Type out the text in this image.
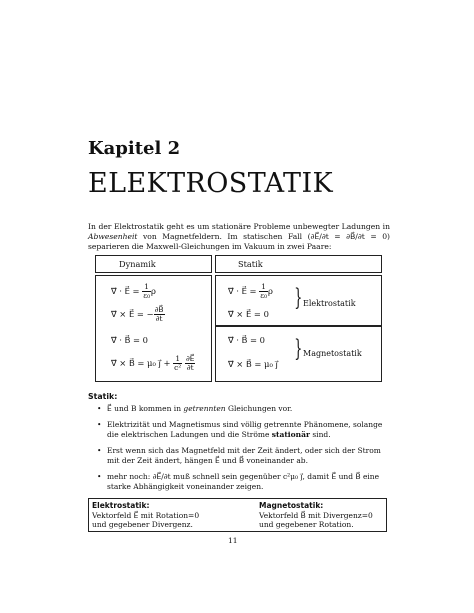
Kapitel 2
ELEKTROSTATIK
In der Elektrostatik geht es um stationäre Probleme unbewegter Ladungen in Abwesenheit von Magnetfeldern. Im statischen Fall (∂E⃗/∂t = ∂B⃗/∂t = 0) separieren die Maxwell-Gleichungen im Vakuum in zwei Paare:
Dynamik	Statik
∇⃗ · E⃗ = $\frac{1}{\text{ε₀}}$ ρ
∇⃗ × E⃗ = − $\frac{\partial B⃗}{\partial t}$
∇⃗ · B⃗ = 0
∇⃗ × B⃗ = μ₀ j⃗ + $\frac{1}{\text{c²}}$
$\frac{\partial E⃗}{\partial t}$
∇⃗ · E⃗ = $\frac{1}{\text{ε₀}}$ ρ
∇⃗ × E⃗ = 0
∇⃗ · B⃗ = 0
∇⃗ × B⃗ = μ₀ j⃗
} Elektrostatik
} Magnetostatik
Statik:
• E⃗ und B kommen in getrennten Gleichungen vor.
• Elektrizität und Magnetismus sind völlig getrennte Phänomene, solange die elektrischen Ladungen und die Ströme stationär sind.
• Erst wenn sich das Magnetfeld mit der Zeit ändert, oder sich der Strom mit der Zeit ändert, hängen E⃗ und B⃗ voneinander ab.
• mehr noch: ∂E⃗/∂t muß schnell sein gegenüber c²μ₀ j⃗, damit E⃗ und B⃗ eine starke Abhängigkeit voneinander zeigen.
Elektrostatik:
Vektorfeld E⃗ mit Rotation=0
und gegebener Divergenz.
Magnetostatik:
Vektorfeld B⃗ mit Divergenz=0
und gegebener Rotation.
11
